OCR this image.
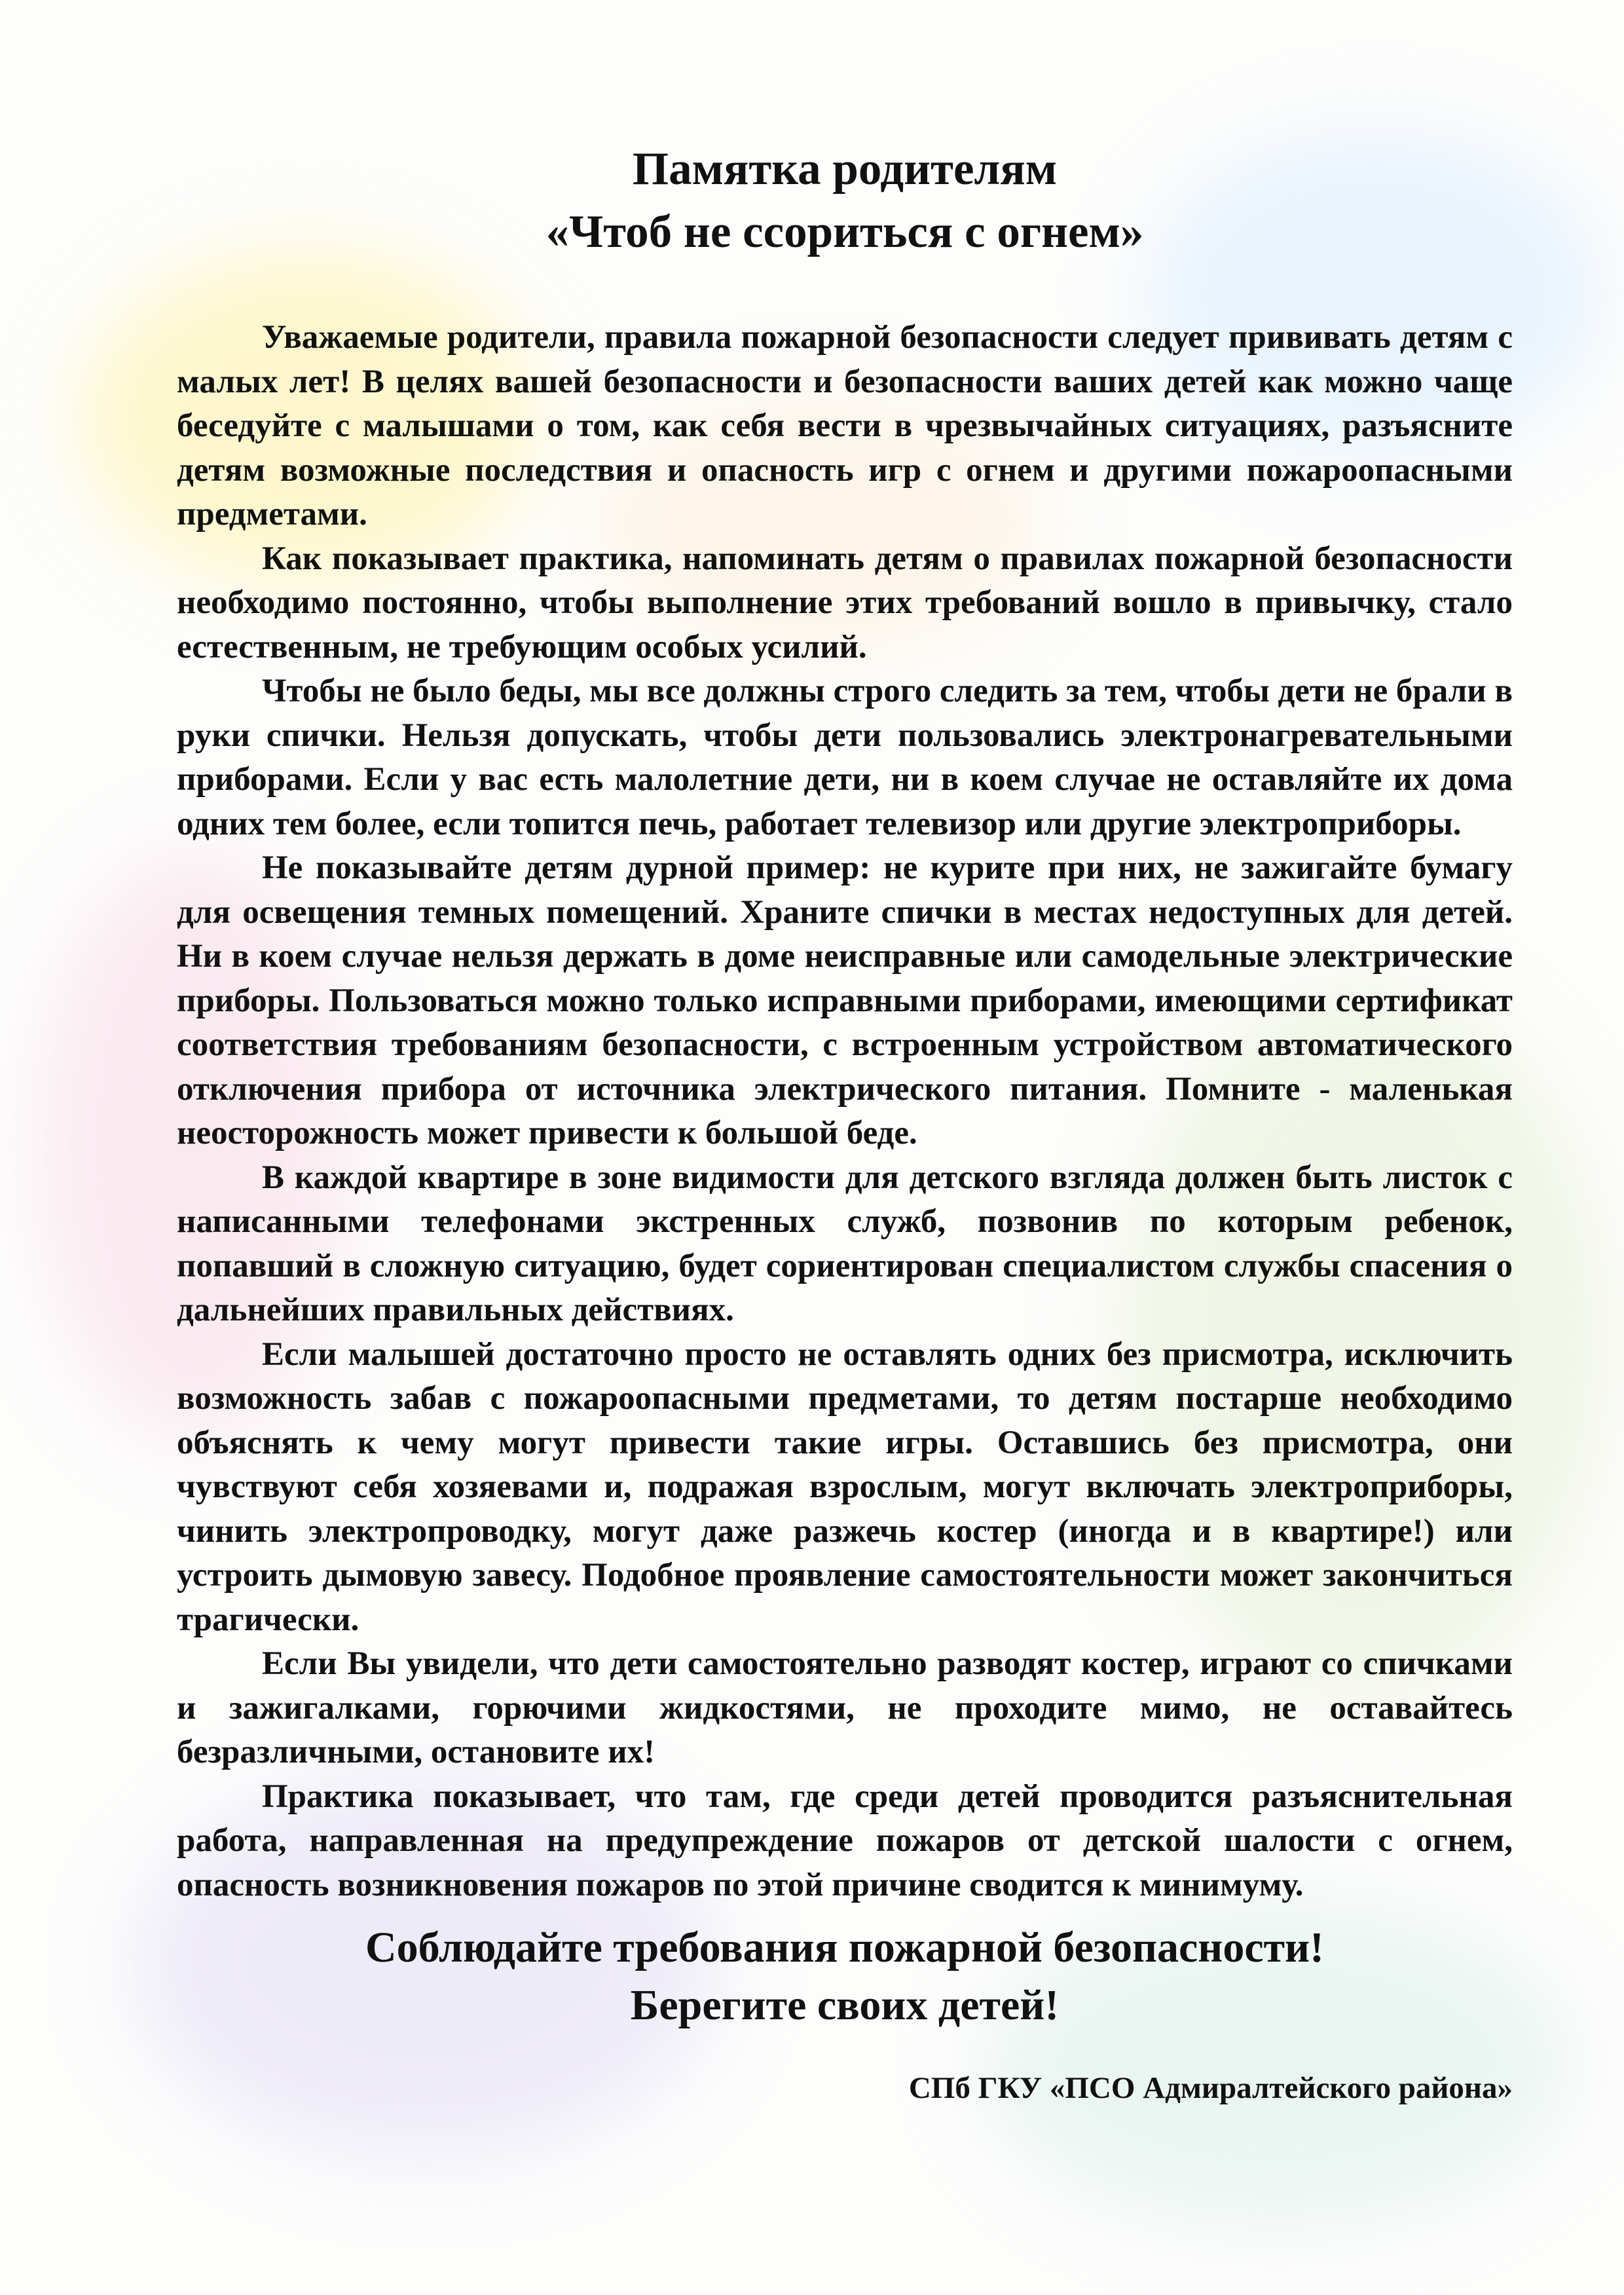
Памятка родителям
«Чтоб не ссориться с огнем»

Уважаемые родители, правила пожарной безопасности следует прививать детям с малых лет! В целях вашей безопасности и безопасности ваших детей как можно чаще беседуйте с малышами о том, как себя вести в чрезвычайных ситуациях, разъясните детям возможные последствия и опасность игр с огнем и другими пожароопасными предметами.

Как показывает практика, напоминать детям о правилах пожарной безопасности необходимо постоянно, чтобы выполнение этих требований вошло в привычку, стало естественным, не требующим особых усилий.

Чтобы не было беды, мы все должны строго следить за тем, чтобы дети не брали в руки спички. Нельзя допускать, чтобы дети пользовались электронагревательными приборами. Если у вас есть малолетние дети, ни в коем случае не оставляйте их дома одних тем более, если топится печь, работает телевизор или другие электроприборы.

Не показывайте детям дурной пример: не курите при них, не зажигайте бумагу для освещения темных помещений. Храните спички в местах недоступных для детей. Ни в коем случае нельзя держать в доме неисправные или самодельные электрические приборы. Пользоваться можно только исправными приборами, имеющими сертификат соответствия требованиям безопасности, с встроенным устройством автоматического отключения прибора от источника электрического питания. Помните - маленькая неосторожность может привести к большой беде.

В каждой квартире в зоне видимости для детского взгляда должен быть листок с написанными телефонами экстренных служб, позвонив по которым ребенок, попавший в сложную ситуацию, будет сориентирован специалистом службы спасения о дальнейших правильных действиях.

Если малышей достаточно просто не оставлять одних без присмотра, исключить возможность забав с пожароопасными предметами, то детям постарше необходимо объяснять к чему могут привести такие игры. Оставшись без присмотра, они чувствуют себя хозяевами и, подражая взрослым, могут включать электроприборы, чинить электропроводку, могут даже разжечь костер (иногда и в квартире!) или устроить дымовую завесу. Подобное проявление самостоятельности может закончиться трагически.

Если Вы увидели, что дети самостоятельно разводят костер, играют со спичками и зажигалками, горючими жидкостями, не проходите мимо, не оставайтесь безразличными, остановите их!

Практика показывает, что там, где среди детей проводится разъяснительная работа, направленная на предупреждение пожаров от детской шалости с огнем, опасность возникновения пожаров по этой причине сводится к минимуму.

Соблюдайте требования пожарной безопасности!
Берегите своих детей!
СПб ГКУ «ПСО Адмиралтейского района»
